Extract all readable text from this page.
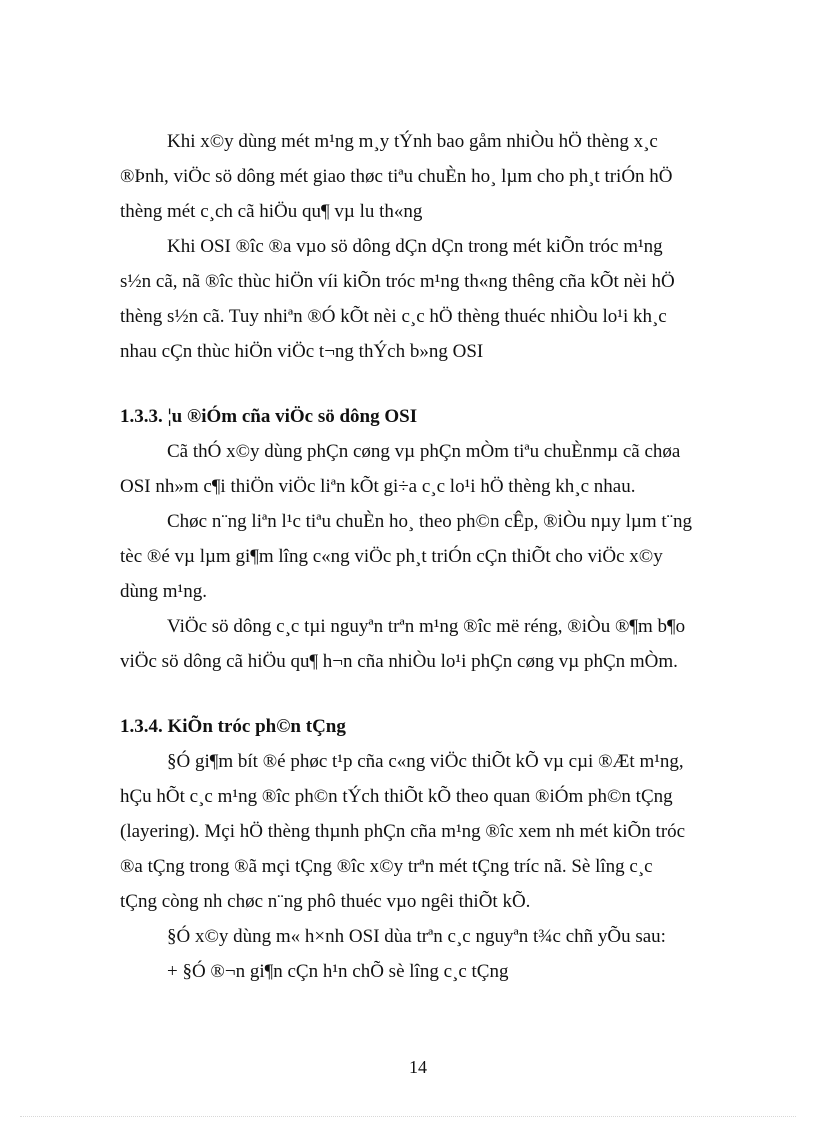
Khi x©y dùng mét m¹ng m¸y tÝnh bao gåm nhiÒu hÖ thèng x¸c
®Þnh, viÖc sö dông mét giao thøc tiªu chuÈn ho¸ lµm cho ph¸t triÓn hÖ
thèng mét c¸ch cã hiÖu qu¶ vµ lu th«ng
Khi OSI ®îc ®a vµo sö dông dÇn dÇn trong mét kiÕn tróc m¹ng
s½n cã, nã ®îc thùc hiÖn víi kiÕn tróc m¹ng th«ng thêng cña kÕt nèi hÖ
thèng s½n cã. Tuy nhiªn ®Ó kÕt nèi c¸c hÖ thèng thuéc nhiÒu lo¹i kh¸c
nhau cÇn thùc hiÖn viÖc t¬ng thÝch b»ng OSI
1.3.3. ¦u ®iÓm cña viÖc sö dông OSI
Cã thÓ x©y dùng phÇn cøng vµ phÇn mÒm tiªu chuÈnmµ cã chøa
OSI nh»m c¶i thiÖn viÖc liªn kÕt gi÷a c¸c lo¹i hÖ thèng kh¸c nhau.
Chøc n¨ng liªn l¹c tiªu chuÈn ho¸ theo ph©n cÊp, ®iÒu nµy lµm t¨ng
tèc ®é vµ lµm gi¶m lîng c«ng viÖc ph¸t triÓn cÇn thiÕt cho viÖc x©y
dùng m¹ng.
ViÖc sö dông c¸c tµi nguyªn trªn m¹ng ®îc më réng, ®iÒu ®¶m b¶o
viÖc sö dông cã hiÖu qu¶ h¬n cña nhiÒu lo¹i phÇn cøng vµ phÇn mÒm.
1.3.4. KiÕn tróc ph©n tÇng
§Ó gi¶m bít ®é phøc t¹p cña c«ng viÖc thiÕt kÕ vµ cµi ®Æt m¹ng,
hÇu hÕt c¸c m¹ng ®îc ph©n tÝch thiÕt kÕ theo quan ®iÓm ph©n tÇng
(layering). Mçi hÖ thèng thµnh phÇn cña m¹ng ®îc xem nh mét kiÕn tróc
®a tÇng trong ®ã mçi tÇng ®îc x©y trªn mét tÇng tríc nã. Sè lîng c¸c
tÇng còng nh chøc n¨ng phô thuéc vµo ngêi thiÕt kÕ.
§Ó x©y dùng m« h×nh OSI dùa trªn c¸c nguyªn t¾c chñ yÕu sau:
+ §Ó ®¬n gi¶n cÇn h¹n chÕ sè lîng c¸c tÇng
14
